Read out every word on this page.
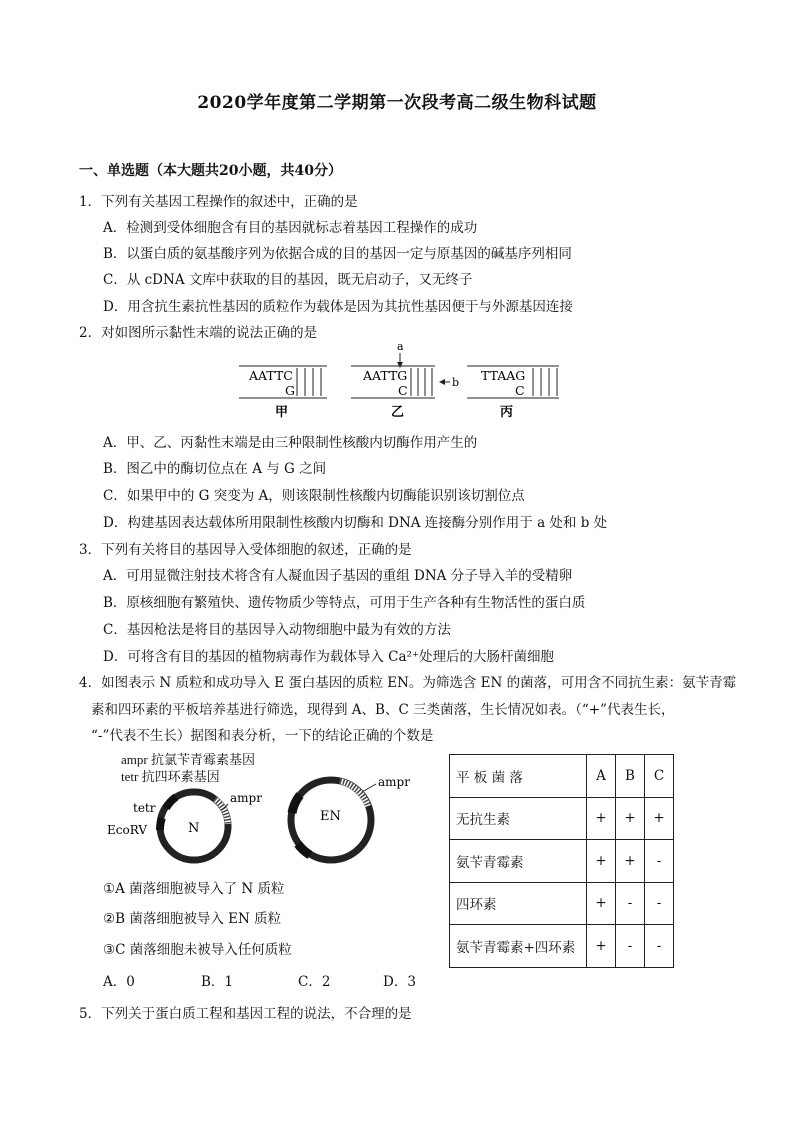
2020学年度第二学期第一次段考高二级生物科试题
一、单选题（本大题共20小题，共40分）
1．下列有关基因工程操作的叙述中，正确的是
A．检测到受体细胞含有目的基因就标志着基因工程操作的成功
B．以蛋白质的氨基酸序列为依据合成的目的基因一定与原基因的碱基序列相同
C．从 cDNA 文库中获取的目的基因，既无启动子，又无终子
D．用含抗生素抗性基因的质粒作为载体是因为其抗性基因便于与外源基因连接
2．对如图所示黏性末端的说法正确的是
AATTC
G
甲
AATTG
C
乙
a
b TTAAG
C
丙
A．甲、乙、丙黏性末端是由三种限制性核酸内切酶作用产生的
B．图乙中的酶切位点在 A 与 G 之间
C．如果甲中的 G 突变为 A，则该限制性核酸内切酶能识别该切割位点
D．构建基因表达载体所用限制性核酸内切酶和 DNA 连接酶分别作用于 a 处和 b 处
3．下列有关将目的基因导入受体细胞的叙述，正确的是
A．可用显微注射技术将含有人凝血因子基因的重组 DNA 分子导入羊的受精卵
B．原核细胞有繁殖快、遗传物质少等特点，可用于生产各种有生物活性的蛋白质
C．基因枪法是将目的基因导入动物细胞中最为有效的方法
D．可将含有目的基因的植物病毒作为载体导入 Ca²⁺处理后的大肠杆菌细胞
4．如图表示 N 质粒和成功导入 E 蛋白基因的质粒 EN。为筛选含 EN 的菌落，可用含不同抗生素：氨苄青霉
素和四环素的平板培养基进行筛选，现得到 A、B、C 三类菌落，生长情况如表。（“+”代表生长，
“-”代表不生长）据图和表分析，一下的结论正确的个数是
ampr 抗氯苄青霉素基因
tetr 抗四环素基因
N
tetr
ampr
EcoRV
EN
ampr
①A 菌落细胞被导入了 N 质粒
②B 菌落细胞被导入 EN 质粒
③C 菌落细胞未被导入任何质粒
A．0	B．1	C．2	D．3
平 板 菌 落	A	B	C
无抗生素	+	+	+
氨苄青霉素	+	+	-
四环素	+	-	-
氨苄青霉素+四环素	+	-	-
5．下列关于蛋白质工程和基因工程的说法，不合理的是
